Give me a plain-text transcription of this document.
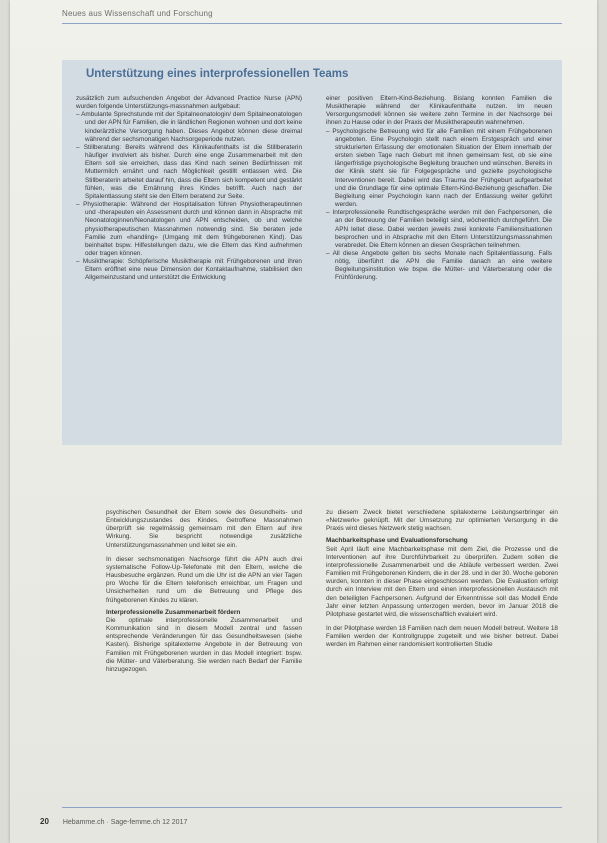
Neues aus Wissenschaft und Forschung
Unterstützung eines interprofessionellen Teams

zusätzlich zum aufsuchenden Angebot der Advanced Practice Nurse (APN) wurden folgende Unterstützungs-massnahmen aufgebaut:

– Ambulante Sprechstunde mit der Spitalneonatologin/ dem Spitalneonatologen und der APN für Familien, die in ländlichen Regionen wohnen und dort keine kinderärztliche Versorgung haben. Dieses Angebot können diese dreimal während der sechsmonatigen Nachsorgeperiode nutzen.

– Stillberatung: Bereits während des Klinikaufenthalts ist die Stillberaterin häufiger involviert als bisher. Durch eine enge Zusammenarbeit mit den Eltern soll sie erreichen, dass das Kind nach seinen Bedürfnissen mit Muttermilch ernährt und nach Möglichkeit gestillt entlassen wird. Die Stillberaterin arbeitet darauf hin, dass die Eltern sich kompetent und gestärkt fühlen, was die Ernährung ihres Kindes betrifft. Auch nach der Spitalentlassung steht sie den Eltern beratend zur Seite.

– Physiotherapie: Während der Hospitalisation führen Physiotherapeutinnen und -therapeuten ein Assessment durch und können dann in Absprache mit Neonatologinnen/Neonatologen und APN entscheiden, ob und welche physiotherapeutischen Massnahmen notwendig sind. Sie beraten jede Familie zum «handling» (Umgang mit dem frühgeborenen Kind). Das beinhaltet bspw. Hilfestellungen dazu, wie die Eltern das Kind aufnehmen oder tragen können.

– Musiktherapie: Schöpferische Musiktherapie mit Frühgeborenen und ihren Eltern eröffnet eine neue Dimension der Kontaktaufnahme, stabilisiert den Allgemeinzustand und unterstützt die Entwicklung

einer positiven Eltern-Kind-Beziehung. Bislang konnten Familien die Musiktherapie während der Klinikaufenthalte nutzen. Im neuen Versorgungsmodell können sie weitere zehn Termine in der Nachsorge bei ihnen zu Hause oder in der Praxis der Musiktherapeutin wahrnehmen.

– Psychologische Betreuung wird für alle Familien mit einem Frühgeborenen angeboten. Eine Psychologin stellt nach einem Erstgespräch und einer strukturierten Erfassung der emotionalen Situation der Eltern innerhalb der ersten sieben Tage nach Geburt mit ihnen gemeinsam fest, ob sie eine längerfristige psychologische Begleitung brauchen und wünschen. Bereits in der Klinik steht sie für Folgegespräche und gezielte psychologische Interventionen bereit. Dabei wird das Trauma der Frühgeburt aufgearbeitet und die Grundlage für eine optimale Eltern-Kind-Beziehung geschaffen. Die Begleitung einer Psychologin kann nach der Entlassung weiter geführt werden.

– Interprofessionelle Rundtischgespräche werden mit den Fachpersonen, die an der Betreuung der Familien beteiligt sind, wöchentlich durchgeführt. Die APN leitet diese. Dabei werden jeweils zwei konkrete Familiensituationen besprochen und in Absprache mit den Eltern Unterstützungsmassnahmen verabredet. Die Eltern können an diesen Gesprächen teilnehmen.

– All diese Angebote gelten bis sechs Monate nach Spitalentlassung. Falls nötig, überführt die APN die Familie danach an eine weitere Begleitungsinstitution wie bspw. die Mütter- und Väterberatung oder die Frühförderung.

psychischen Gesundheit der Eltern sowie des Gesundheits- und Entwicklungszustandes des Kindes. Getroffene Massnahmen überprüft sie regelmässig gemeinsam mit den Eltern auf ihre Wirkung. Sie bespricht notwendige zusätzliche Unterstützungsmassnahmen und leitet sie ein.

In dieser sechsmonatigen Nachsorge führt die APN auch drei systematische Follow-Up-Telefonate mit den Eltern, welche die Hausbesuche ergänzen. Rund um die Uhr ist die APN an vier Tagen pro Woche für die Eltern telefonisch erreichbar, um Fragen und Unsicherheiten rund um die Betreuung und Pflege des frühgeborenen Kindes zu klären.

Interprofessionelle Zusammenarbeit fördern

Die optimale interprofessionelle Zusammenarbeit und Kommunikation sind in diesem Modell zentral und fassen entsprechende Veränderungen für das Gesundheitswesen (siehe Kasten). Bisherige spitalexterne Angebote in der Betreuung von Familien mit Frühgeborenen wurden in das Modell integriert: bspw. die Mütter- und Väterberatung. Sie werden nach Bedarf der Familie hinzugezogen.

zu diesem Zweck bietet verschiedene spitalexterne Leistungserbringer ein «Netzwerk» geknüpft. Mit der Umsetzung zur optimierten Versorgung in die Praxis wird dieses Netzwerk stetig wachsen.

Machbarkeitsphase und Evaluationsforschung

Seit April läuft eine Machbarkeitsphase mit dem Ziel, die Prozesse und die Interventionen auf ihre Durchführbarkeit zu überprüfen. Zudem sollen die interprofessionelle Zusammenarbeit und die Abläufe verbessert werden. Zwei Familien mit Frühgeborenen Kindern, die in der 28. und in der 30. Woche geboren wurden, konnten in dieser Phase eingeschlossen werden. Die Evaluation erfolgt durch ein Interview mit den Eltern und einen interprofessionellen Austausch mit den beteiligten Fachpersonen. Aufgrund der Erkenntnisse soll das Modell Ende Jahr einer letzten Anpassung unterzogen werden, bevor im Januar 2018 die Pilotphase gestartet wird, die wissenschaftlich evaluiert wird.

In der Pilotphase werden 18 Familien nach dem neuen Modell betreut. Weitere 18 Familien werden der Kontrollgruppe zugeteilt und wie bisher betreut. Dabei werden im Rahmen einer randomisiert kontrollierten Studie

20 Hebamme.ch · Sage-femme.ch 12 2017
